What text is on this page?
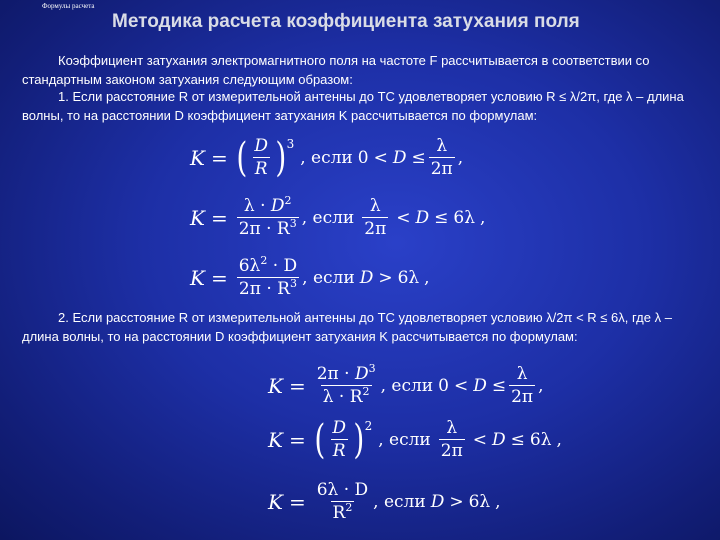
Формулы расчета
Методика расчета коэффициента затухания поля

Коэффициент затухания электромагнитного поля на частоте F рассчитывается в соответствии со стандартным законом затухания следующим образом:

1. Если расстояние R от измерительной антенны до ТС удовлетворяет условию R ≤ λ/2π, где λ – длина волны, то на расстоянии D коэффициент затухания K рассчитывается по формулам:

K = ( $\frac{D}{R}$ ) 3
, если $0 < D \le \frac{\lambda}{2\pi}$ ,
$K = \frac{\lambda \cdot D^2}{2\pi \cdot R^3}$ , если $\frac{\lambda}{2\pi} < D \le 6\lambda$ ,
$K = \frac{6\lambda^2 \cdot D}{2\pi \cdot R^3}$ , если D > 6λ ,

2. Если расстояние R от измерительной антенны до ТС удовлетворяет условию λ/2π < R ≤ 6λ, где λ – длина волны, то на расстоянии D коэффициент затухания K рассчитывается по формулам:

$K = \frac{2\pi \cdot D^3}{\lambda \cdot R^2}$ , если $0 < D \le \frac{\lambda}{2\pi}$ ,
K = ( $\frac{D}{R}$ ) 2
, если $\frac{\lambda}{2\pi} < D \le 6\lambda$ ,
$K = \frac{6\lambda \cdot D}{R^2}$ , если D > 6λ ,
